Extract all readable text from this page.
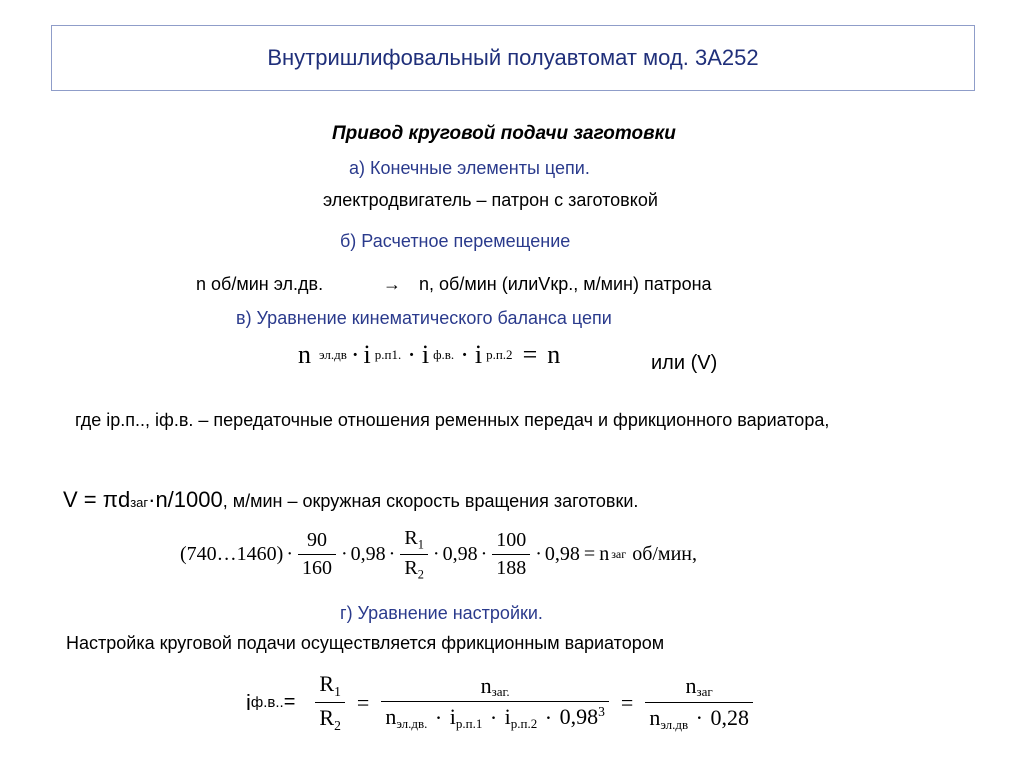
Внутришлифовальный полуавтомат мод. 3А252
Привод круговой подачи заготовки
а) Конечные элементы цепи.
электродвигатель – патрон с заготовкой
б) Расчетное перемещение
n об/мин эл.дв.	→ n, об/мин (илиVкр., м/мин) патрона
в) Уравнение кинематического баланса цепи
n эл.дв · i р.п1. · i ф.в. · i р.п.2 = n	или (V)
где iр.п.., iф.в. – передаточные отношения ременных передач и фрикционного вариатора,
V = πdзаг·n/1000, м/мин – окружная скорость вращения заготовки.
(740…1460) · $\frac{90}{160} \cdot 0,98 \cdot \frac{R_1}{R_2} \cdot 0,98 \cdot \frac{100}{188} \cdot 0,98 = n$ заг об/мин,
г) Уравнение настройки.
Настройка круговой подачи осуществляется фрикционным вариатором
i ф.в.. = $\frac{R_1}{R_2}$ =
nзаг.
nэл.дв. · $iр.п.1 \cdot iр.п.2 \cdot 0,98^3 = \frac{\text{nзаг}}{\text{nэл.дв · 0,28}}$
